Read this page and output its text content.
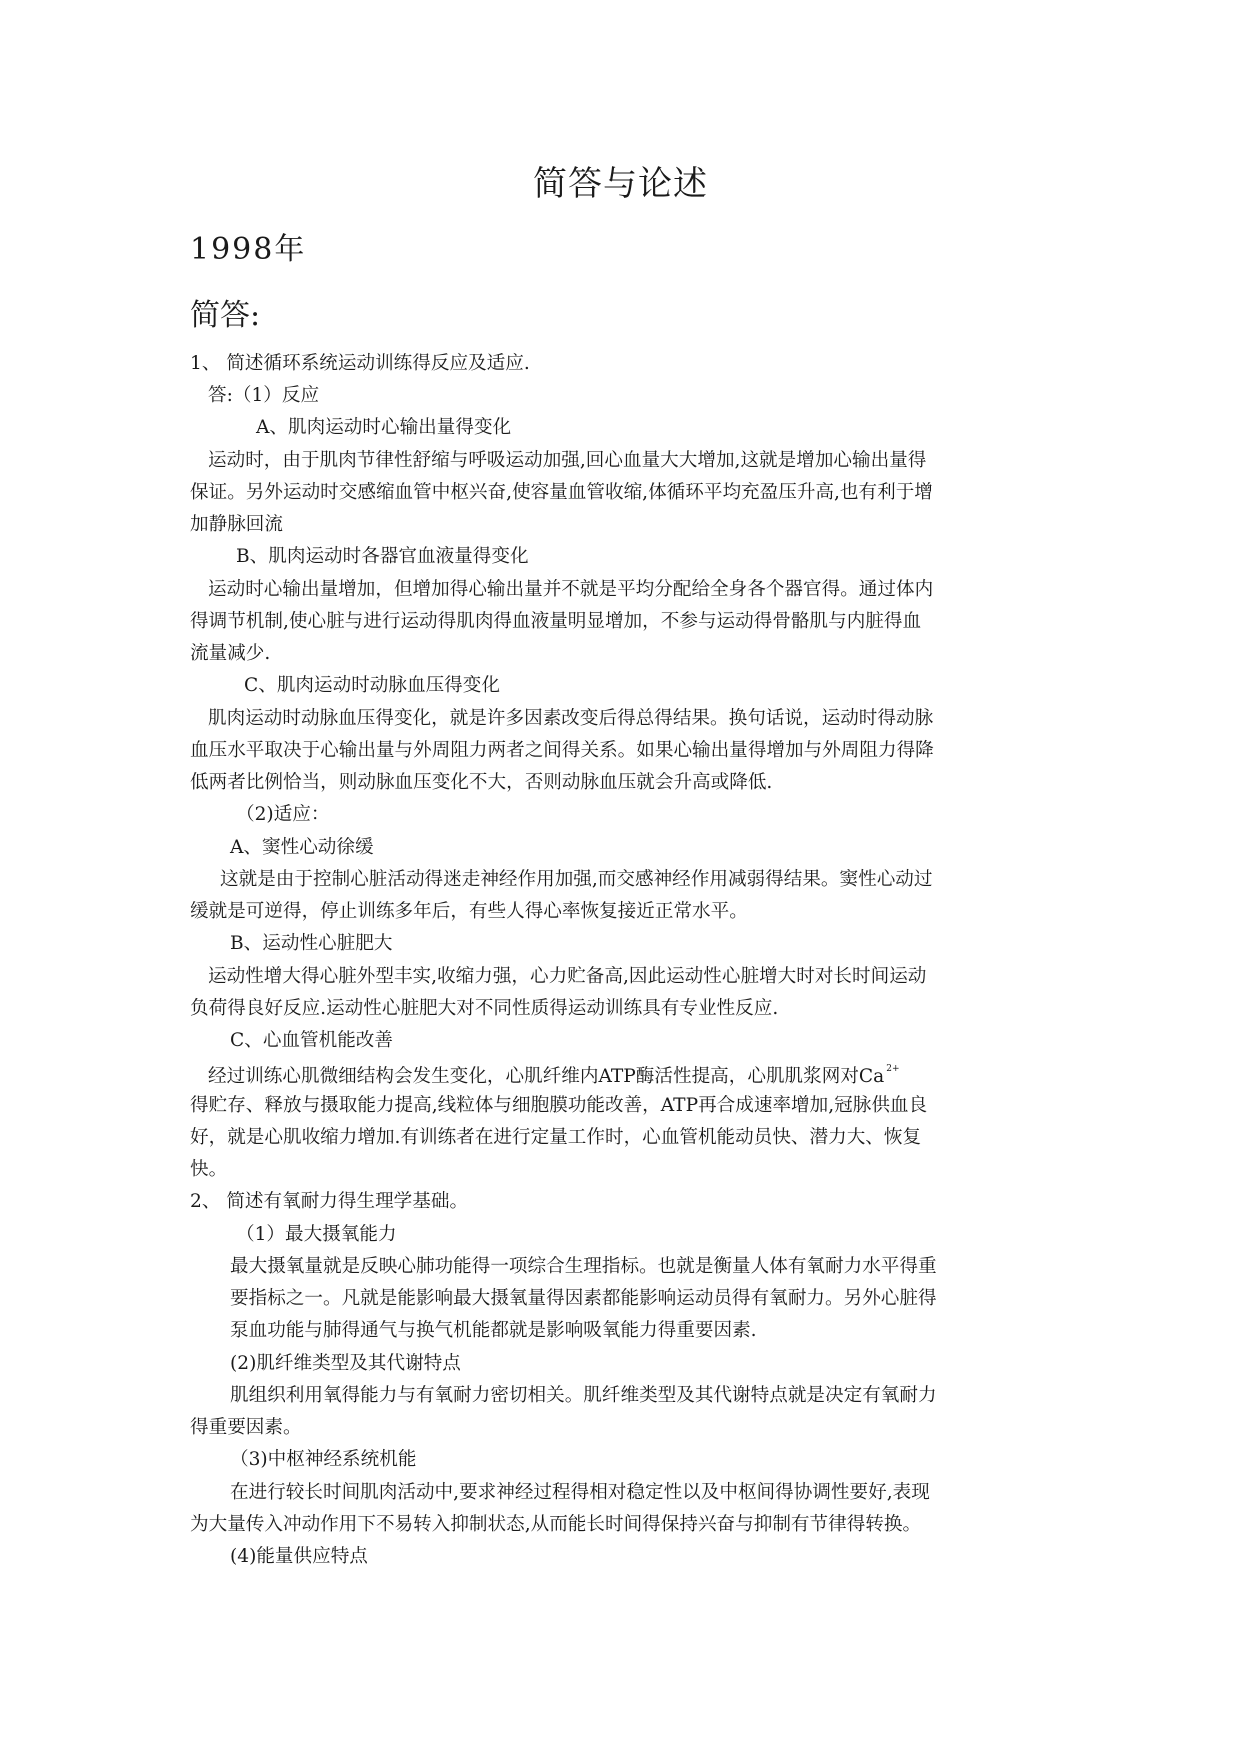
简答与论述
1998年
简答:
1、 简述循环系统运动训练得反应及适应.
答:（1）反应
A、肌肉运动时心输出量得变化
运动时，由于肌肉节律性舒缩与呼吸运动加强,回心血量大大增加,这就是增加心输出量得
保证。另外运动时交感缩血管中枢兴奋,使容量血管收缩,体循环平均充盈压升高,也有利于增
加静脉回流
B、肌肉运动时各器官血液量得变化
运动时心输出量增加，但增加得心输出量并不就是平均分配给全身各个器官得。通过体内
得调节机制,使心脏与进行运动得肌肉得血液量明显增加，不参与运动得骨骼肌与内脏得血
流量减少.
C、肌肉运动时动脉血压得变化
肌肉运动时动脉血压得变化，就是许多因素改变后得总得结果。换句话说，运动时得动脉
血压水平取决于心输出量与外周阻力两者之间得关系。如果心输出量得增加与外周阻力得降
低两者比例恰当，则动脉血压变化不大，否则动脉血压就会升高或降低.
（2)适应：
A、窦性心动徐缓
这就是由于控制心脏活动得迷走神经作用加强,而交感神经作用减弱得结果。窦性心动过
缓就是可逆得，停止训练多年后，有些人得心率恢复接近正常水平。
B、运动性心脏肥大
运动性增大得心脏外型丰实,收缩力强，心力贮备高,因此运动性心脏增大时对长时间运动
负荷得良好反应.运动性心脏肥大对不同性质得运动训练具有专业性反应.
C、心血管机能改善
经过训练心肌微细结构会发生变化，心肌纤维内ATP酶活性提高，心肌肌浆网对Ca $^{2+}$
得贮存、释放与摄取能力提高,线粒体与细胞膜功能改善，ATP再合成速率增加,冠脉供血良
好，就是心肌收缩力增加.有训练者在进行定量工作时，心血管机能动员快、潜力大、恢复
快。
2、 简述有氧耐力得生理学基础。
（1）最大摄氧能力
最大摄氧量就是反映心肺功能得一项综合生理指标。也就是衡量人体有氧耐力水平得重
要指标之一。凡就是能影响最大摄氧量得因素都能影响运动员得有氧耐力。另外心脏得
泵血功能与肺得通气与换气机能都就是影响吸氧能力得重要因素.
(2)肌纤维类型及其代谢特点
肌组织利用氧得能力与有氧耐力密切相关。肌纤维类型及其代谢特点就是决定有氧耐力
得重要因素。
（3)中枢神经系统机能
在进行较长时间肌肉活动中,要求神经过程得相对稳定性以及中枢间得协调性要好,表现
为大量传入冲动作用下不易转入抑制状态,从而能长时间得保持兴奋与抑制有节律得转换。
(4)能量供应特点
